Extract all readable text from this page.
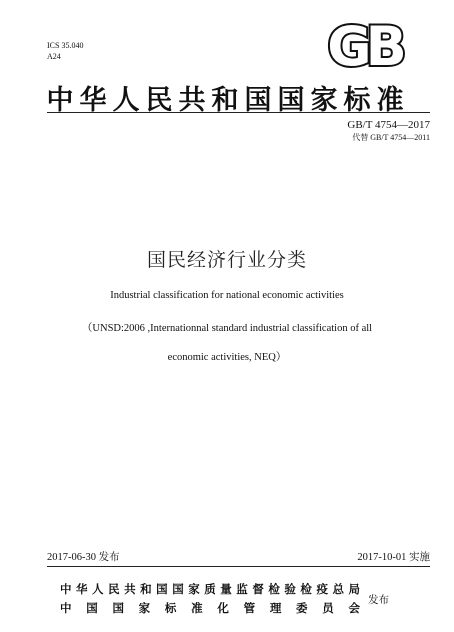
ICS 35.040
A24	GB
中华人民共和国国家标准
GB/T 4754—2017
代替 GB/T 4754—2011
国民经济行业分类
Industrial classification for national economic activities
（UNSD:2006 ,Internationnal standard industrial classification of all
economic activities, NEQ）
2017-06-30 发布	2017-10-01 实施
中华人民共和国国家质量监督检验检疫总局
中国国家标准化管理委员会
发布
